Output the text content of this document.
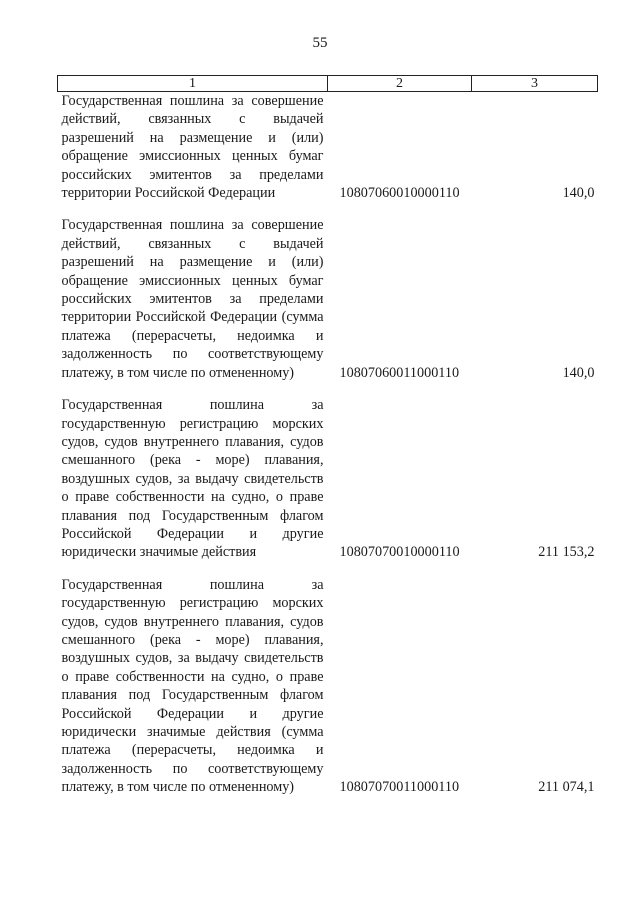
55
1	2	3
Государственная пошлина за совершение действий, связанных с выдачей разрешений на размещение и (или) обращение эмиссионных ценных бумаг российских эмитентов за пределами территории Российской Федерации	10807060010000110	140,0

Государственная пошлина за совершение действий, связанных с выдачей разрешений на размещение и (или) обращение эмиссионных ценных бумаг российских эмитентов за пределами территории Российской Федерации (сумма платежа (перерасчеты, недоимка и задолженность по соответствующему платежу, в том числе по отмененному)	10807060011000110	140,0

Государственная пошлина за государственную регистрацию морских судов, судов внутреннего плавания, судов смешанного (река - море) плавания, воздушных судов, за выдачу свидетельств о праве собственности на судно, о праве плавания под Государственным флагом Российской Федерации и другие юридически значимые действия	10807070010000110	211 153,2

Государственная пошлина за государственную регистрацию морских судов, судов внутреннего плавания, судов смешанного (река - море) плавания, воздушных судов, за выдачу свидетельств о праве собственности на судно, о праве плавания под Государственным флагом Российской Федерации и другие юридически значимые действия (сумма платежа (перерасчеты, недоимка и задолженность по соответствующему платежу, в том числе по отмененному)	10807070011000110	211 074,1
